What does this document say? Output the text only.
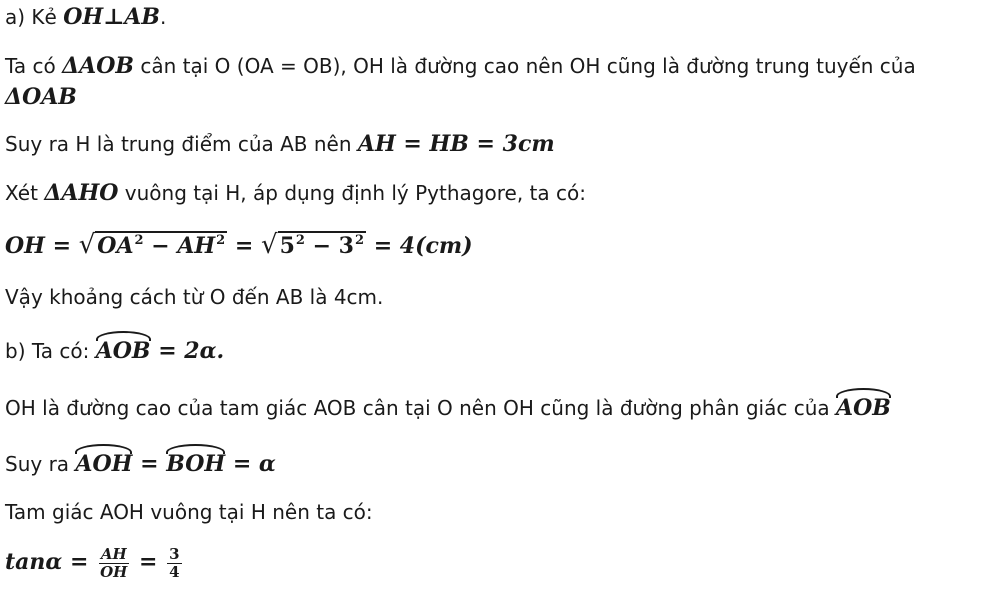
a) Kẻ OH⊥AB.
Ta có ΔAOB cân tại O (OA = OB), OH là đường cao nên OH cũng là đường trung tuyến của
ΔOAB
Suy ra H là trung điểm của AB nên AH = HB = 3cm
Xét ΔAHO vuông tại H, áp dụng định lý Pythagore, ta có:
OH = $√OA^2 - AH^2 = √5^2 - 3^2 = 4(cm)$
Vậy khoảng cách từ O đến AB là 4cm.
b) Ta có:
AOB = 2α.
OH là đường cao của tam giác AOB cân tại O nên OH cũng là đường phân giác của
AOB
Suy ra
AOH =
BOH = α
Tam giác AOH vuông tại H nên ta có:
$\tan\alpha = \frac{AH}{OH} = \frac{3}{4}$
